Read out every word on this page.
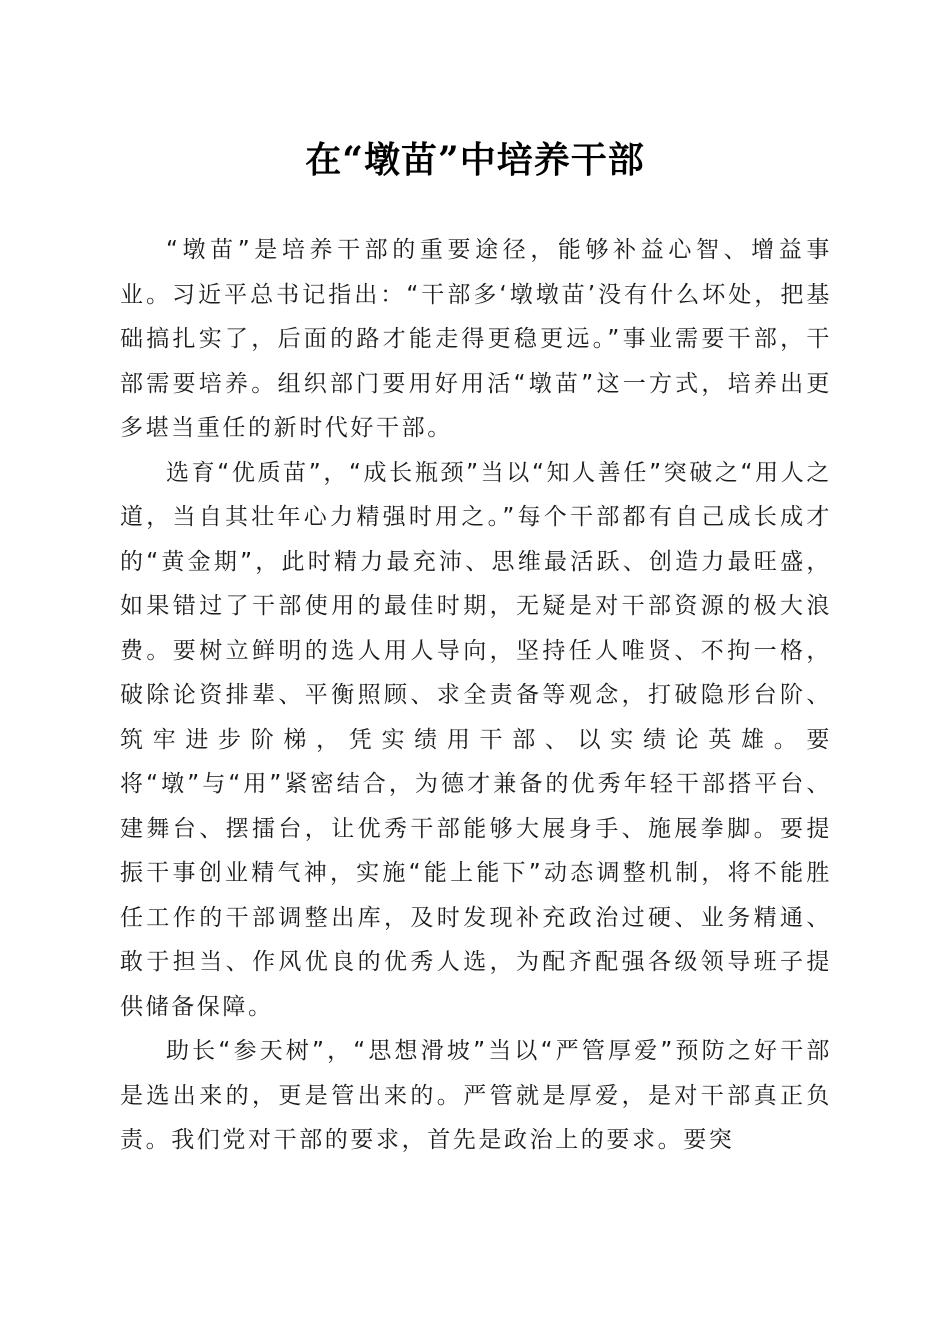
在“墩苗”中培养干部

“墩苗”是培养干部的重要途径，能够补益心智、增益事业。习近平总书记指出：“干部多‘墩墩苗’没有什么坏处，把基础搞扎实了，后面的路才能走得更稳更远。”事业需要干部，干部需要培养。组织部门要用好用活“墩苗”这一方式，培养出更多堪当重任的新时代好干部。

选育“优质苗”，“成长瓶颈”当以“知人善任”突破之“用人之道，当自其壮年心力精强时用之。”每个干部都有自己成长成才的“黄金期”，此时精力最充沛、思维最活跃、创造力最旺盛，如果错过了干部使用的最佳时期，无疑是对干部资源的极大浪费。要树立鲜明的选人用人导向，坚持任人唯贤、不拘一格，破除论资排辈、平衡照顾、求全责备等观念，打破隐形台阶、筑牢进步阶梯，凭实绩用干部、以实绩论英雄。要将“墩”与“用”紧密结合，为德才兼备的优秀年轻干部搭平台、建舞台、摆擂台，让优秀干部能够大展身手、施展拳脚。要提振干事创业精气神，实施“能上能下”动态调整机制，将不能胜任工作的干部调整出库，及时发现补充政治过硬、业务精通、敢于担当、作风优良的优秀人选，为配齐配强各级领导班子提供储备保障。

助长“参天树”，“思想滑坡”当以“严管厚爱”预防之好干部是选出来的，更是管出来的。严管就是厚爱，是对干部真正负责。我们党对干部的要求，首先是政治上的要求。要突
